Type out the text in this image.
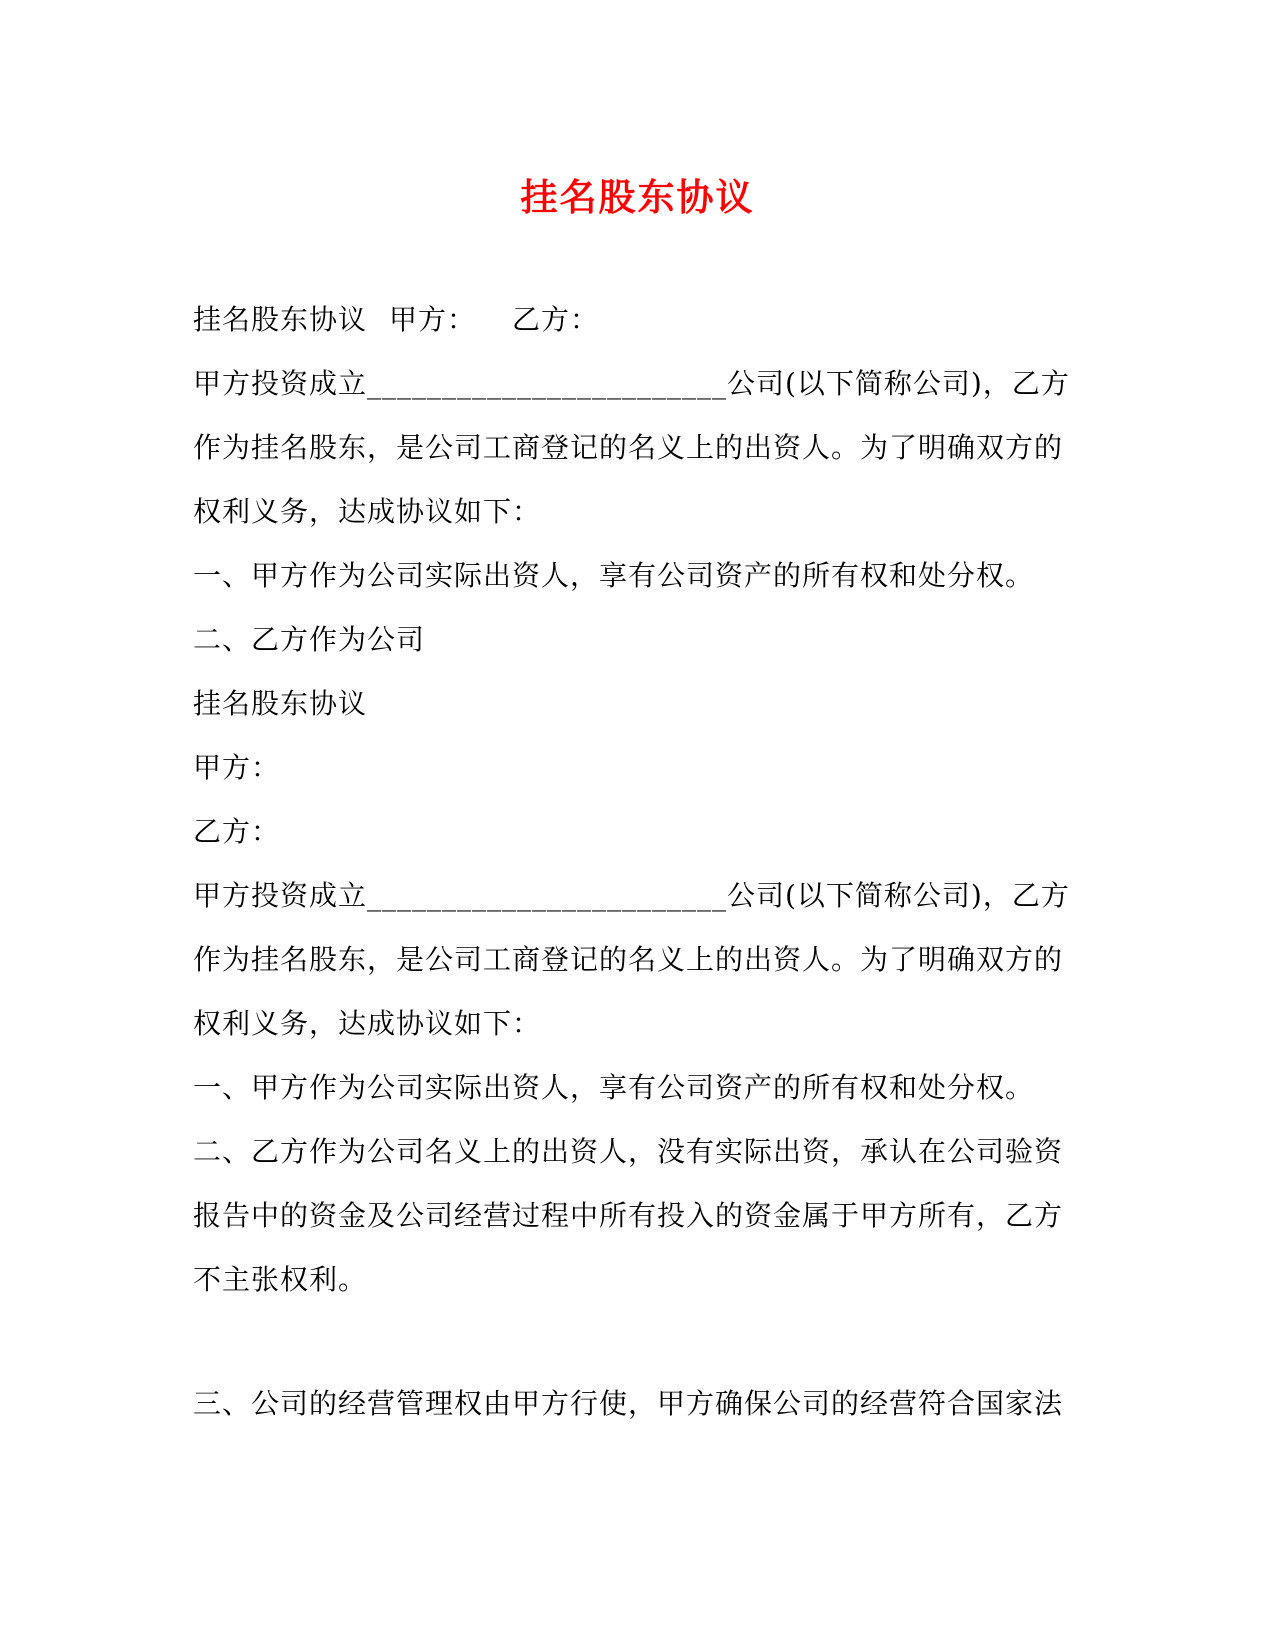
挂名股东协议

挂名股东协议 甲方： 乙方：

甲方投资成立________________________公司(以下简称公司)，乙方作为挂名股东，是公司工商登记的名义上的出资人。为了明确双方的权利义务，达成协议如下：

一、甲方作为公司实际出资人，享有公司资产的所有权和处分权。

二、乙方作为公司

挂名股东协议

甲方：

乙方：

甲方投资成立________________________公司(以下简称公司)，乙方作为挂名股东，是公司工商登记的名义上的出资人。为了明确双方的权利义务，达成协议如下：

一、甲方作为公司实际出资人，享有公司资产的所有权和处分权。

二、乙方作为公司名义上的出资人，没有实际出资，承认在公司验资报告中的资金及公司经营过程中所有投入的资金属于甲方所有，乙方不主张权利。

三、公司的经营管理权由甲方行使，甲方确保公司的经营符合国家法
